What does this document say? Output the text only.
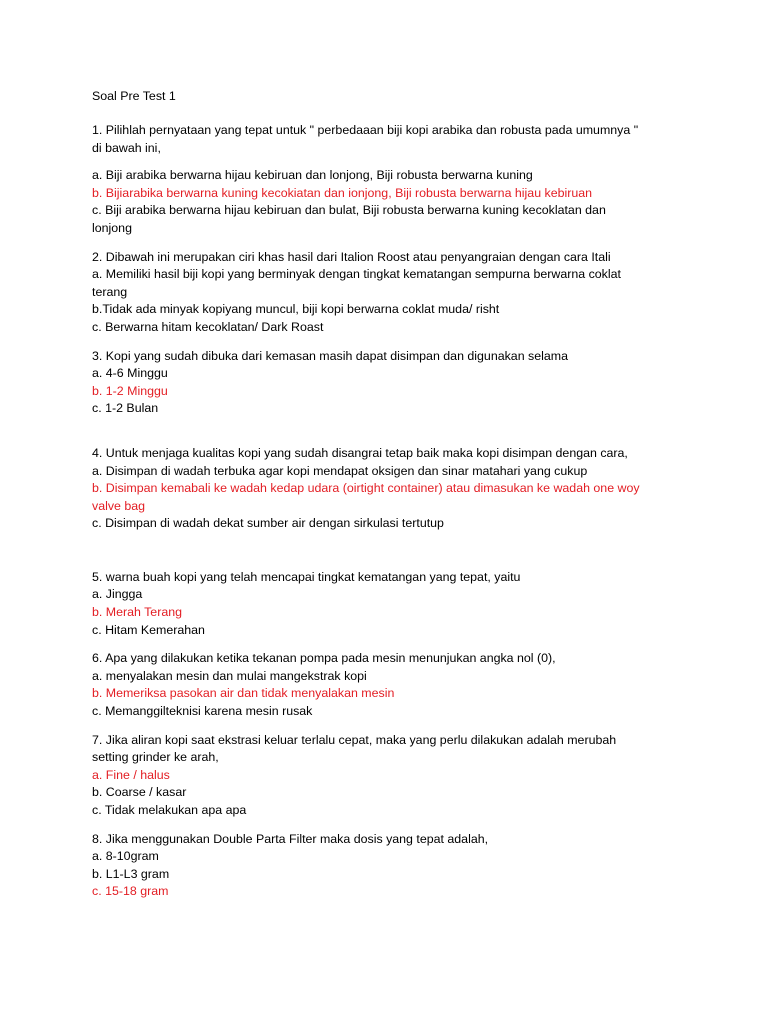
Soal Pre Test 1
1. Pilihlah pernyataan yang tepat untuk " perbedaaan biji kopi arabika dan robusta pada umumnya "
di bawah ini,
a. Biji arabika berwarna hijau kebiruan dan lonjong, Biji robusta berwarna kuning
b. Bijiarabika berwarna kuning kecokiatan dan ionjong, Biji robusta berwarna hijau kebiruan
c. Biji arabika berwarna hijau kebiruan dan bulat, Biji robusta berwarna kuning kecoklatan dan
lonjong
2. Dibawah ini merupakan ciri khas hasil dari Italion Roost atau penyangraian dengan cara Itali
a. Memiliki hasil biji kopi yang berminyak dengan tingkat kematangan sempurna berwarna coklat
terang
b.Tidak ada minyak kopiyang muncul, biji kopi berwarna coklat muda/ risht
c. Berwarna hitam kecoklatan/ Dark Roast
3. Kopi yang sudah dibuka dari kemasan masih dapat disimpan dan digunakan selama
a. 4-6 Minggu
b. 1-2 Minggu
c. 1-2 Bulan
4. Untuk menjaga kualitas kopi yang sudah disangrai tetap baik maka kopi disimpan dengan cara,
a. Disimpan di wadah terbuka agar kopi mendapat oksigen dan sinar matahari yang cukup
b. Disimpan kemabali ke wadah kedap udara (oirtight container) atau dimasukan ke wadah one woy
valve bag
c. Disimpan di wadah dekat sumber air dengan sirkulasi tertutup
5. warna buah kopi yang telah mencapai tingkat kematangan yang tepat, yaitu
a. Jingga
b. Merah Terang
c. Hitam Kemerahan
6. Apa yang dilakukan ketika tekanan pompa pada mesin menunjukan angka nol (0),
a. menyalakan mesin dan mulai mangekstrak kopi
b. Memeriksa pasokan air dan tidak menyalakan mesin
c. Memanggilteknisi karena mesin rusak
7. Jika aliran kopi saat ekstrasi keluar terlalu cepat, maka yang perlu dilakukan adalah merubah
setting grinder ke arah,
a. Fine / halus
b. Coarse / kasar
c. Tidak melakukan apa apa
8. Jika menggunakan Double Parta Filter maka dosis yang tepat adalah,
a. 8-10gram
b. L1-L3 gram
c. 15-18 gram
